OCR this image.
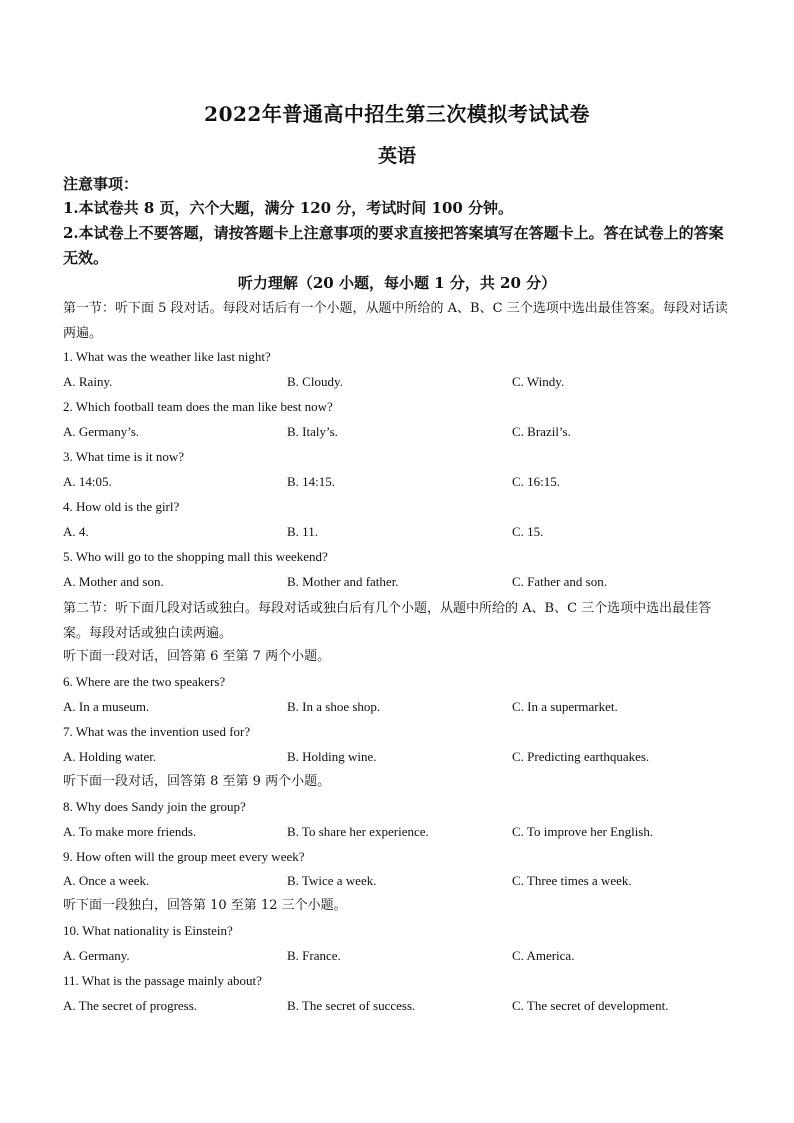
2022年普通高中招生第三次模拟考试试卷
英语
注意事项：
1.本试卷共 8 页，六个大题，满分 120 分，考试时间 100 分钟。
2.本试卷上不要答题，请按答题卡上注意事项的要求直接把答案填写在答题卡上。答在试卷上的答案无效。
听力理解（20 小题，每小题 1 分，共 20 分）
第一节：听下面 5 段对话。每段对话后有一个小题，从题中所给的 A、B、C 三个选项中选出最佳答案。每段对话读两遍。
1. What was the weather like last night?
A. Rainy.	B. Cloudy.	C. Windy.
2. Which football team does the man like best now?
A. Germany’s.	B. Italy’s.	C. Brazil’s.
3. What time is it now?
A. 14:05.	B. 14:15.	C. 16:15.
4. How old is the girl?
A. 4.	B. 11.	C. 15.
5. Who will go to the shopping mall this weekend?
A. Mother and son.	B. Mother and father.	C. Father and son.
第二节：听下面几段对话或独白。每段对话或独白后有几个小题，从题中所给的 A、B、C 三个选项中选出最佳答案。每段对话或独白读两遍。
听下面一段对话，回答第 6 至第 7 两个小题。
6. Where are the two speakers?
A. In a museum.	B. In a shoe shop.	C. In a supermarket.
7. What was the invention used for?
A. Holding water.	B. Holding wine.	C. Predicting earthquakes.
听下面一段对话，回答第 8 至第 9 两个小题。
8. Why does Sandy join the group?
A. To make more friends.	B. To share her experience.	C. To improve her English.
9. How often will the group meet every week?
A. Once a week.	B. Twice a week.	C. Three times a week.
听下面一段独白，回答第 10 至第 12 三个小题。
10. What nationality is Einstein?
A. Germany.	B. France.	C. America.
11. What is the passage mainly about?
A. The secret of progress.	B. The secret of success.	C. The secret of development.
